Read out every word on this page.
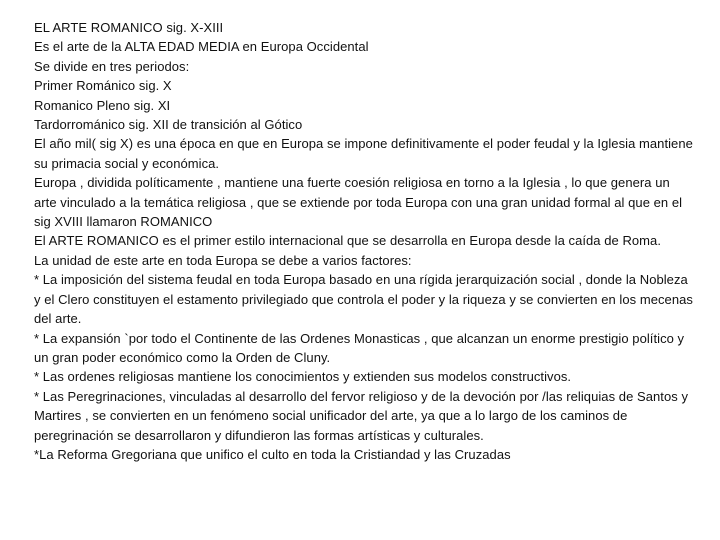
EL ARTE ROMANICO sig. X-XIII

Es el arte de la ALTA EDAD MEDIA en Europa Occidental

Se divide en tres periodos:

Primer Románico sig. X

Romanico Pleno sig. XI

Tardorrománico sig. XII de transición al Gótico

El año mil( sig X) es una época en que en Europa se impone definitivamente el poder feudal y la Iglesia mantiene su primacia social y económica.

Europa , dividida políticamente , mantiene una fuerte coesión religiosa en torno a la Iglesia , lo que genera un arte vinculado a la temática religiosa , que se extiende por toda Europa con una gran unidad formal al que en el sig XVIII llamaron ROMANICO

El ARTE ROMANICO es el primer estilo internacional que se desarrolla en Europa desde la caída de Roma.

La unidad de este arte en toda Europa se debe a varios factores:

* La imposición del sistema feudal en toda Europa basado en una rígida jerarquización social , donde la Nobleza y el Clero constituyen el estamento privilegiado que controla el poder y la riqueza y se convierten en los mecenas del arte.

* La expansión `por todo el Continente de las Ordenes Monasticas , que alcanzan un enorme prestigio político y un gran poder económico como la Orden de Cluny.

* Las ordenes religiosas mantiene los conocimientos y extienden sus modelos constructivos.

* Las Peregrinaciones, vinculadas al desarrollo del fervor religioso y de la devoción por /las reliquias de Santos y Martires , se convierten en un fenómeno social unificador del arte, ya que a lo largo de los caminos de peregrinación se desarrollaron y difundieron las formas artísticas y culturales.

*La Reforma Gregoriana que unifico el culto en toda la Cristiandad y las Cruzadas
